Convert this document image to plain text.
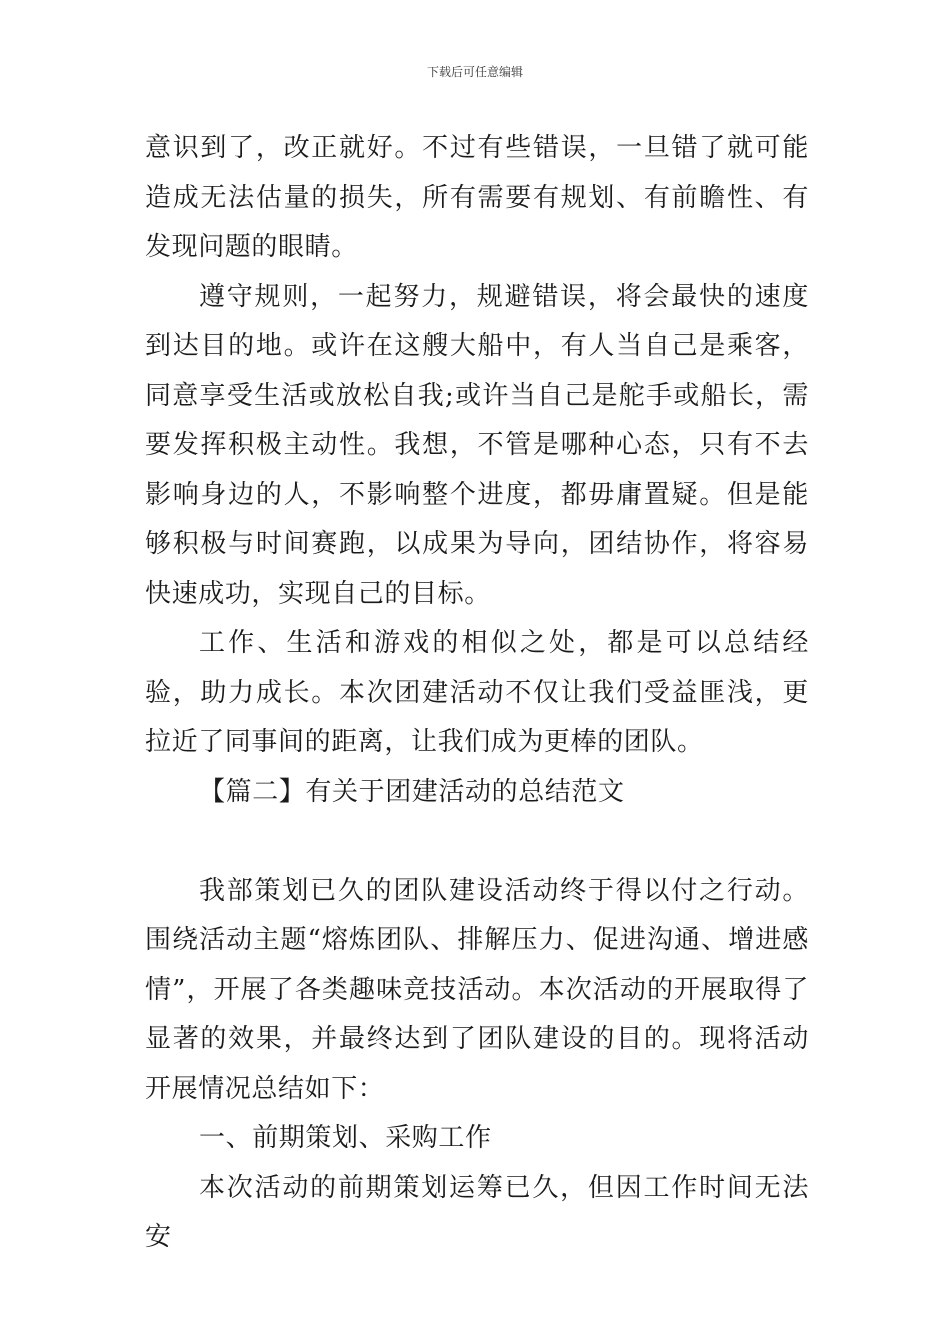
下载后可任意编辑

意识到了，改正就好。不过有些错误，一旦错了就可能造成无法估量的损失，所有需要有规划、有前瞻性、有发现问题的眼睛。

遵守规则，一起努力，规避错误，将会最快的速度到达目的地。或许在这艘大船中，有人当自己是乘客，同意享受生活或放松自我;或许当自己是舵手或船长，需要发挥积极主动性。我想，不管是哪种心态，只有不去影响身边的人，不影响整个进度，都毋庸置疑。但是能够积极与时间赛跑，以成果为导向，团结协作，将容易快速成功，实现自己的目标。

工作、生活和游戏的相似之处，都是可以总结经验，助力成长。本次团建活动不仅让我们受益匪浅，更拉近了同事间的距离，让我们成为更棒的团队。

【篇二】有关于团建活动的总结范文

我部策划已久的团队建设活动终于得以付之行动。围绕活动主题“熔炼团队、排解压力、促进沟通、增进感情”，开展了各类趣味竞技活动。本次活动的开展取得了显著的效果，并最终达到了团队建设的目的。现将活动开展情况总结如下：

一、前期策划、采购工作

本次活动的前期策划运筹已久，但因工作时间无法安
